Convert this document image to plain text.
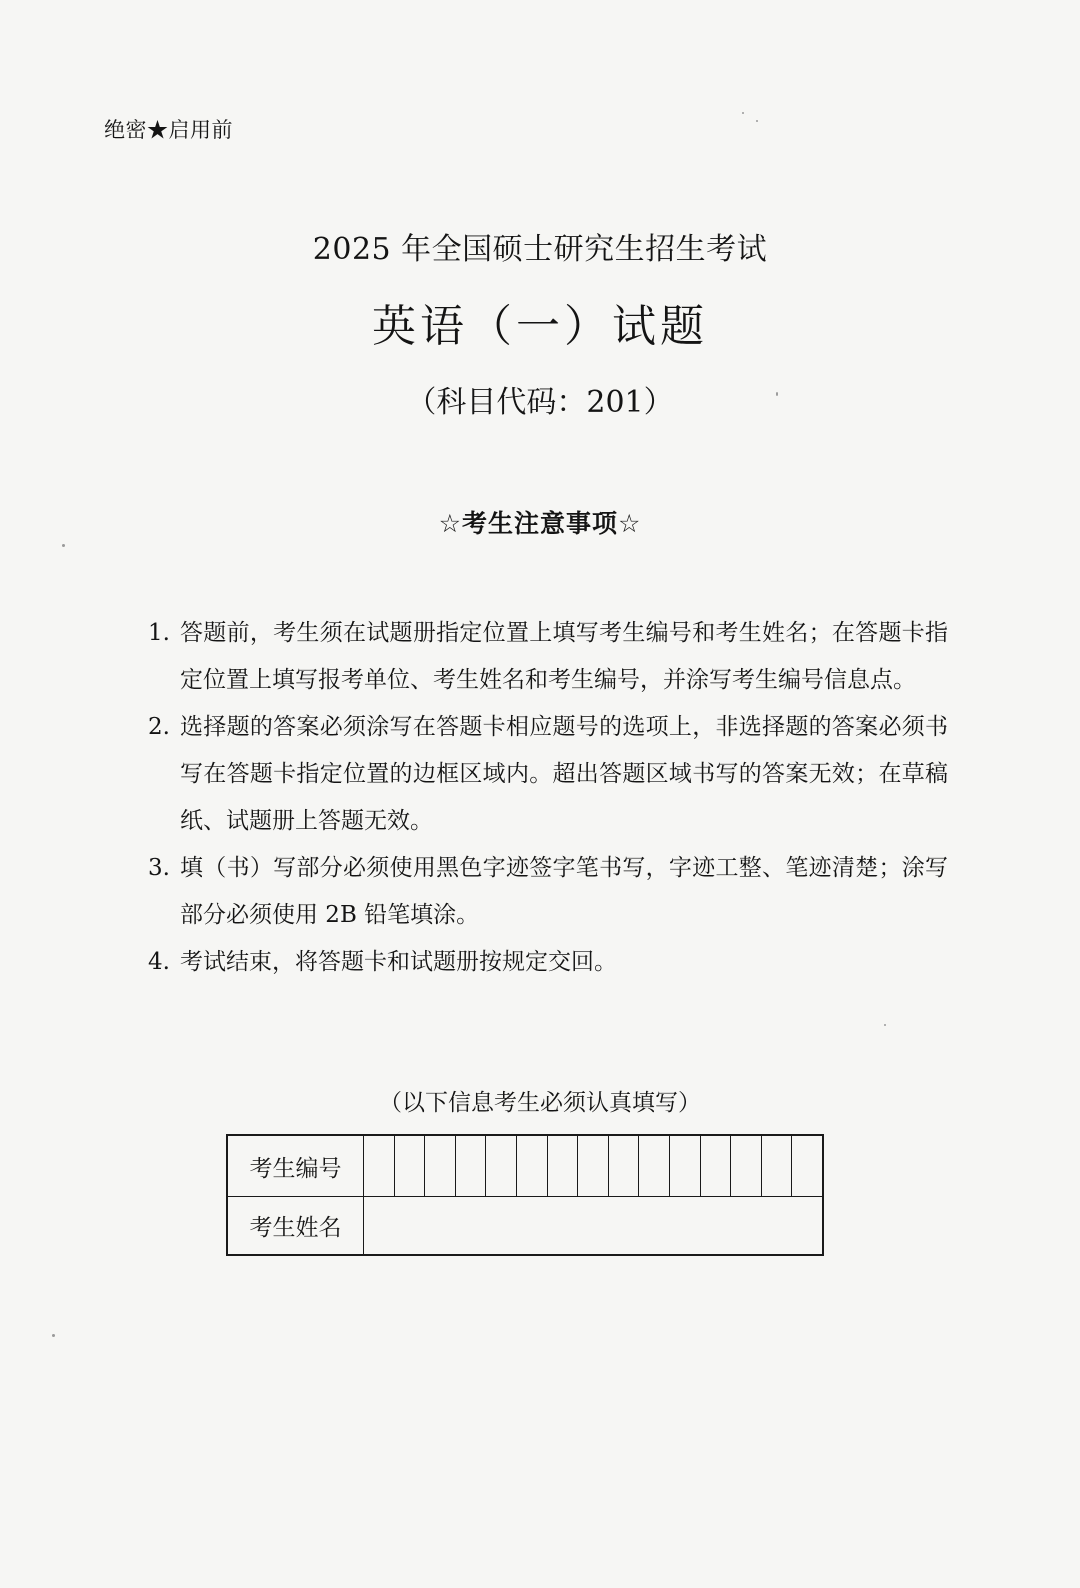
绝密★启用前
2025 年全国硕士研究生招生考试
英语（一）试题
（科目代码：201）
☆考生注意事项☆
1. 答题前，考生须在试题册指定位置上填写考生编号和考生姓名；在答题卡指定位置上填写报考单位、考生姓名和考生编号，并涂写考生编号信息点。
2. 选择题的答案必须涂写在答题卡相应题号的选项上，非选择题的答案必须书写在答题卡指定位置的边框区域内。超出答题区域书写的答案无效；在草稿纸、试题册上答题无效。
3. 填（书）写部分必须使用黑色字迹签字笔书写，字迹工整、笔迹清楚；涂写部分必须使用 2B 铅笔填涂。
4. 考试结束，将答题卡和试题册按规定交回。
（以下信息考生必须认真填写）
考生编号
考生姓名
